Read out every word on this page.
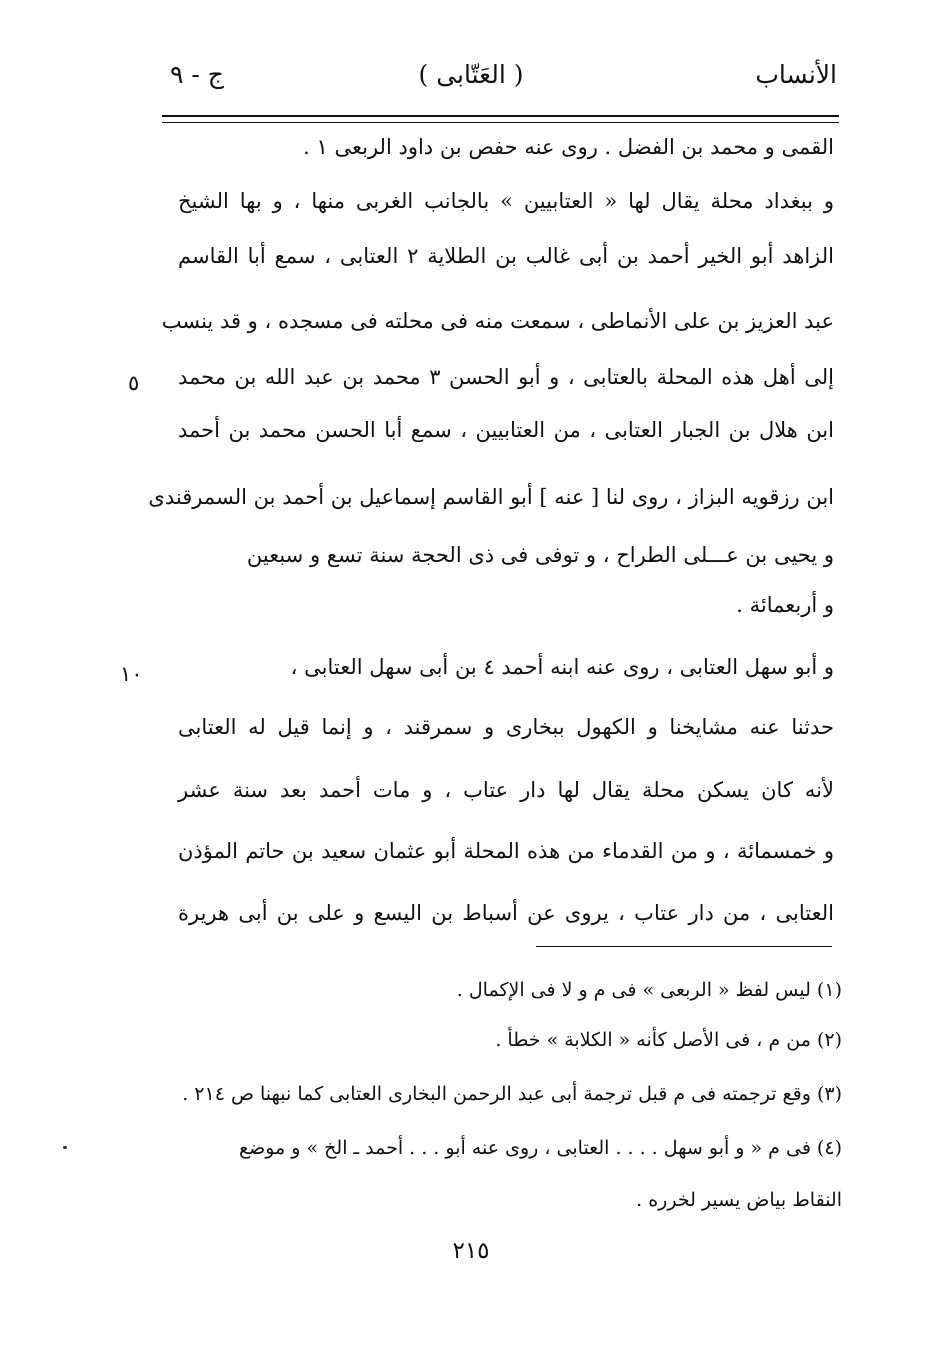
الأنساب
( العَتّابى )
ج - ٩
القمى و محمد بن الفضل . روى عنه حفص بن داود الربعى ١ .
و ببغداد محلة يقال لها « العتابيين » بالجانب الغربى منها ، و بها الشيخ
الزاهد أبو الخير أحمد بن أبى غالب بن الطلاية ٢ العتابى ، سمع أبا القاسم
عبد العزيز بن على الأنماطى ، سمعت منه فى محلته فى مسجده ، و قد ينسب
إلى أهل هذه المحلة بالعتابى ، و أبو الحسن ٣ محمد بن عبد الله بن محمد
ابن هلال بن الجبار العتابى ، من العتابيين ، سمع أبا الحسن محمد بن أحمد
ابن رزقويه البزاز ، روى لنا [ عنه ] أبو القاسم إسماعيل بن أحمد بن السمرقندى
و يحيى بن عـــلى الطراح ، و توفى فى ذى الحجة سنة تسع و سبعين
و أربعمائة .
و أبو سهل العتابى ، روى عنه ابنه أحمد ٤ بن أبى سهل العتابى ،
حدثنا عنه مشايخنا و الكهول ببخارى و سمرقند ، و إنما قيل له العتابى
لأنه كان يسكن محلة يقال لها دار عتاب ، و مات أحمد بعد سنة عشر
و خمسمائة ، و من القدماء من هذه المحلة أبو عثمان سعيد بن حاتم المؤذن
العتابى ، من دار عتاب ، يروى عن أسباط بن اليسع و على بن أبى هريرة
٥
١٠
(١) ليس لفظ « الربعى » فى م و لا فى الإكمال .
(٢) من م ، فى الأصل كأنه « الكلابة » خطأ .
(٣) وقع ترجمته فى م قبل ترجمة أبى عبد الرحمن البخارى العتابى كما نبهنا ص ٢١٤ .
(٤) فى م « و أبو سهل . . . . العتابى ، روى عنه أبو . . . أحمد ـ الخ » و موضع
النقاط بياض يسير لخرره .
٢١٥
